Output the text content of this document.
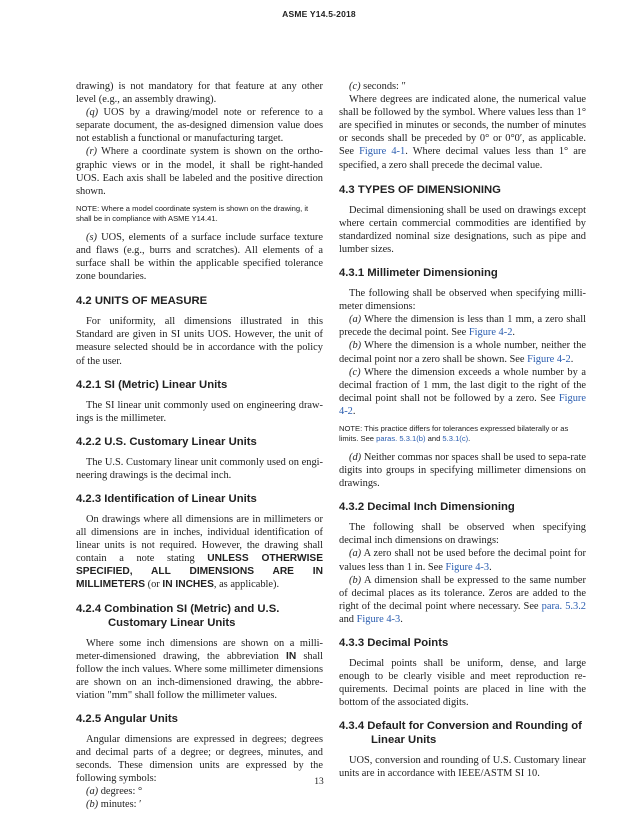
ASME Y14.5-2018

drawing) is not mandatory for that feature at any other level (e.g., an assembly drawing).

(q) UOS by a drawing/model note or reference to a separate document, the as-designed dimension value does not establish a functional or manufacturing target.

(r) Where a coordinate system is shown on the ortho-graphic views or in the model, it shall be right-handed UOS. Each axis shall be labeled and the positive direction shown.

NOTE: Where a model coordinate system is shown on the drawing, it shall be in compliance with ASME Y14.41.

(s) UOS, elements of a surface include surface texture and flaws (e.g., burrs and scratches). All elements of a surface shall be within the applicable specified tolerance zone boundaries.

4.2 UNITS OF MEASURE

For uniformity, all dimensions illustrated in this Standard are given in SI units UOS. However, the unit of measure selected should be in accordance with the policy of the user.

4.2.1 SI (Metric) Linear Units

The SI linear unit commonly used on engineering draw-ings is the millimeter.

4.2.2 U.S. Customary Linear Units

The U.S. Customary linear unit commonly used on engi-neering drawings is the decimal inch.

4.2.3 Identification of Linear Units

On drawings where all dimensions are in millimeters or all dimensions are in inches, individual identification of linear units is not required. However, the drawing shall contain a note stating UNLESS OTHERWISE SPECIFIED, ALL DIMENSIONS ARE IN MILLIMETERS (or IN INCHES, as applicable).

4.2.4 Combination SI (Metric) and U.S. Customary Linear Units

Where some inch dimensions are shown on a milli-meter-dimensioned drawing, the abbreviation IN shall follow the inch values. Where some millimeter dimensions are shown on an inch-dimensioned drawing, the abbre-viation "mm" shall follow the millimeter values.

4.2.5 Angular Units

Angular dimensions are expressed in degrees; degrees and decimal parts of a degree; or degrees, minutes, and seconds. These dimension units are expressed by the following symbols:

(a) degrees: °

(b) minutes: ′

(c) seconds: ″

Where degrees are indicated alone, the numerical value shall be followed by the symbol. Where values less than 1° are specified in minutes or seconds, the number of minutes or seconds shall be preceded by 0° or 0°0′, as applicable. See Figure 4-1. Where decimal values less than 1° are specified, a zero shall precede the decimal value.

4.3 TYPES OF DIMENSIONING

Decimal dimensioning shall be used on drawings except where certain commercial commodities are identified by standardized nominal size designations, such as pipe and lumber sizes.

4.3.1 Millimeter Dimensioning

The following shall be observed when specifying milli-meter dimensions:

(a) Where the dimension is less than 1 mm, a zero shall precede the decimal point. See Figure 4-2.

(b) Where the dimension is a whole number, neither the decimal point nor a zero shall be shown. See Figure 4-2.

(c) Where the dimension exceeds a whole number by a decimal fraction of 1 mm, the last digit to the right of the decimal point shall not be followed by a zero. See Figure 4-2.

NOTE: This practice differs for tolerances expressed bilaterally or as limits. See paras. 5.3.1(b) and 5.3.1(c).

(d) Neither commas nor spaces shall be used to sepa-rate digits into groups in specifying millimeter dimensions on drawings.

4.3.2 Decimal Inch Dimensioning

The following shall be observed when specifying decimal inch dimensions on drawings:

(a) A zero shall not be used before the decimal point for values less than 1 in. See Figure 4-3.

(b) A dimension shall be expressed to the same number of decimal places as its tolerance. Zeros are added to the right of the decimal point where necessary. See para. 5.3.2 and Figure 4-3.

4.3.3 Decimal Points

Decimal points shall be uniform, dense, and large enough to be clearly visible and meet reproduction re-quirements. Decimal points are placed in line with the bottom of the associated digits.

4.3.4 Default for Conversion and Rounding of Linear Units

UOS, conversion and rounding of U.S. Customary linear units are in accordance with IEEE/ASTM SI 10.

13
